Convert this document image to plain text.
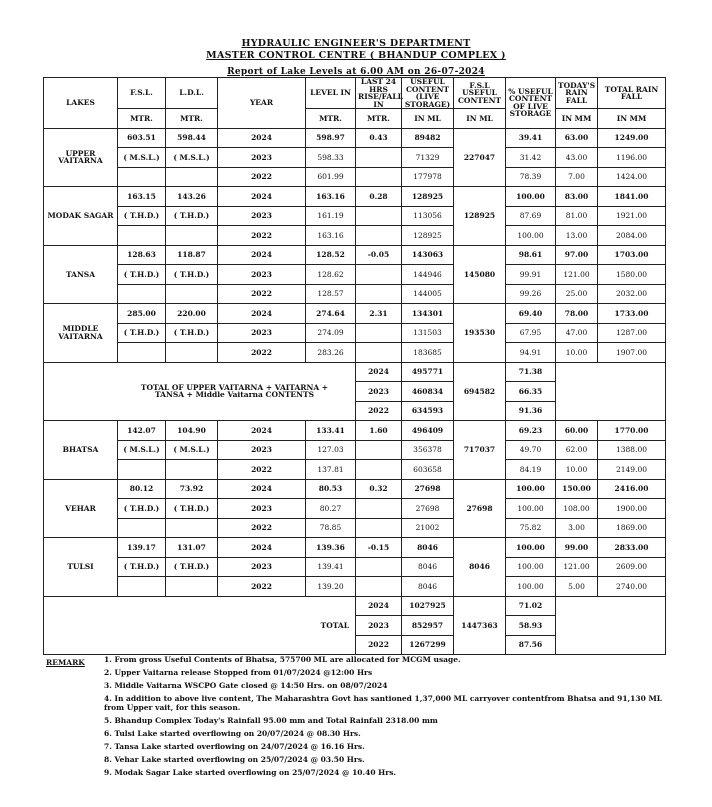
HYDRAULIC ENGINEER'S DEPARTMENT
MASTER CONTROL CENTRE ( BHANDUP COMPLEX )
Report of Lake Levels at 6.00 AM on 26-07-2024
LAKES	F.S.L.	L.D.L.	YEAR	LEVEL IN	LAST 24 HRS RISE/FALL IN	USEFUL CONTENT (LIVE STORAGE)	F.S.L USEFUL CONTENT	% USEFUL CONTENT OF LIVE STORAGE	TODAY'S RAIN FALL	TOTAL RAIN FALL
	MTR.	MTR.		MTR.	MTR.	IN ML	IN ML		IN MM	IN MM
UPPER VAITARNA	603.51	598.44	2024	598.97	0.43	89482	227047	39.41	63.00	1249.00
	( M.S.L.)	( M.S.L.)	2023	598.33		71329		31.42	43.00	1196.00
			2022	601.99		177978		78.39	7.00	1424.00
MODAK SAGAR	163.15	143.26	2024	163.16	0.28	128925	128925	100.00	83.00	1841.00
	( T.H.D.)	( T.H.D.)	2023	161.19		113056		87.69	81.00	1921.00
			2022	163.16		128925		100.00	13.00	2084.00
TANSA	128.63	118.87	2024	128.52	-0.05	143063	145080	98.61	97.00	1703.00
	( T.H.D.)	( T.H.D.)	2023	128.62		144946		99.91	121.00	1580.00
			2022	128.57		144005		99.26	25.00	2032.00
MIDDLE VAITARNA	285.00	220.00	2024	274.64	2.31	134301	193530	69.40	78.00	1733.00
	( T.H.D.)	( T.H.D.)	2023	274.09		131503		67.95	47.00	1287.00
			2022	283.26		183685		94.91	10.00	1907.00
TOTAL OF UPPER VAITARNA + VAITARNA + TANSA + Middle Vaitarna CONTENTS					2024	495771	694582	71.38		
					2023	460834		66.35		
					2022	634593		91.36		
BHATSA	142.07	104.90	2024	133.41	1.60	496409	717037	69.23	60.00	1770.00
	( M.S.L.)	( M.S.L.)	2023	127.03		356378		49.70	62.00	1388.00
			2022	137.81		603658		84.19	10.00	2149.00
VEHAR	80.12	73.92	2024	80.53	0.32	27698	27698	100.00	150.00	2416.00
	( T.H.D.)	( T.H.D.)	2023	80.27		27698		100.00	108.00	1900.00
			2022	78.85		21002		75.82	3.00	1869.00
TULSI	139.17	131.07	2024	139.36	-0.15	8046	8046	100.00	99.00	2833.00
	( T.H.D.)	( T.H.D.)	2023	139.41		8046		100.00	121.00	2609.00
			2022	139.20		8046		100.00	5.00	2740.00
TOTAL					2024	1027925	1447363	71.02		
					2023	852957		58.93		
					2022	1267299		87.56		
REMARK	1. From gross Useful Contents of Bhatsa, 575700 ML are allocated for MCGM usage.
2. Upper Vaitarna release Stopped from 01/07/2024 @12:00 Hrs
3. Middle Vaitarna WSCPO Gate closed @ 14:50 Hrs. on 08/07/2024
4. In addition to above live content, The Maharashtra Govt has santioned 1,37,000 ML carryover contentfrom Bhatsa and 91,130 ML from Upper vait, for this season.
5. Bhandup Complex Today's Rainfall 95.00 mm and Total Rainfall 2318.00 mm
6. Tulsi Lake started overflowing on 20/07/2024 @ 08.30 Hrs.
7. Tansa Lake started overflowing on 24/07/2024 @ 16.16 Hrs.
8. Vehar Lake started overflowing on 25/07/2024 @ 03.50 Hrs.
9. Modak Sagar Lake started overflowing on 25/07/2024 @ 10.40 Hrs.
